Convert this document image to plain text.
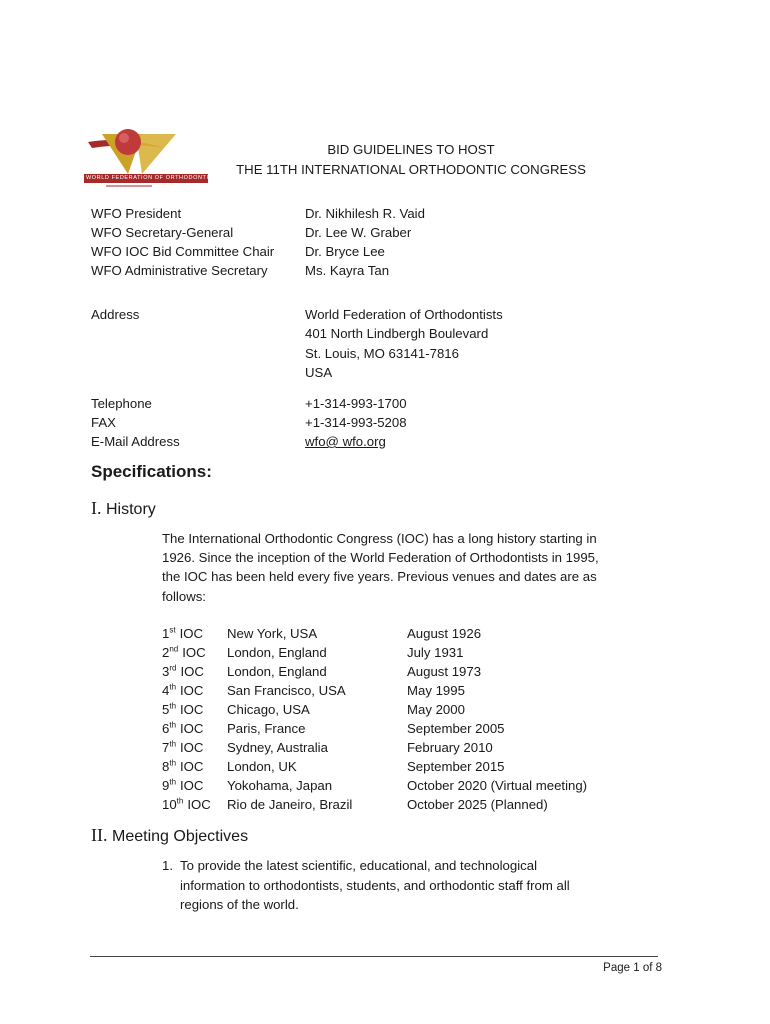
WORLD FEDERATION OF ORTHODONTISTS
BID GUIDELINES TO HOST
THE 11TH INTERNATIONAL ORTHODONTIC CONGRESS
WFO President	Dr. Nikhilesh R. Vaid
WFO Secretary-General	Dr. Lee W. Graber
WFO IOC Bid Committee Chair Dr. Bryce Lee
WFO Administrative Secretary	Ms. Kayra Tan
Address	World Federation of Orthodontists
401 North Lindbergh Boulevard
St. Louis, MO 63141-7816
USA
Telephone	+1-314-993-1700
FAX	+1-314-993-5208
E-Mail Address	wfo@ wfo.org
Specifications:
I. History
The International Orthodontic Congress (IOC) has a long history starting in
1926. Since the inception of the World Federation of Orthodontists in 1995,
the IOC has been held every five years. Previous venues and dates are as
follows:
1st IOC New York, USA	August 1926
2nd IOC London, England	July 1931
3rd IOC London, England	August 1973
4th IOC San Francisco, USA	May 1995
5th IOC Chicago, USA	May 2000
6th IOC Paris, France	September 2005
7th IOC Sydney, Australia	February 2010
8th IOC London, UK	September 2015
9th IOC Yokohama, Japan	October 2020 (Virtual meeting)
10th IOC Rio de Janeiro, Brazil	October 2025 (Planned)
II. Meeting Objectives
1. To provide the latest scientific, educational, and technological
information to orthodontists, students, and orthodontic staff from all
regions of the world.
Page 1 of 8
